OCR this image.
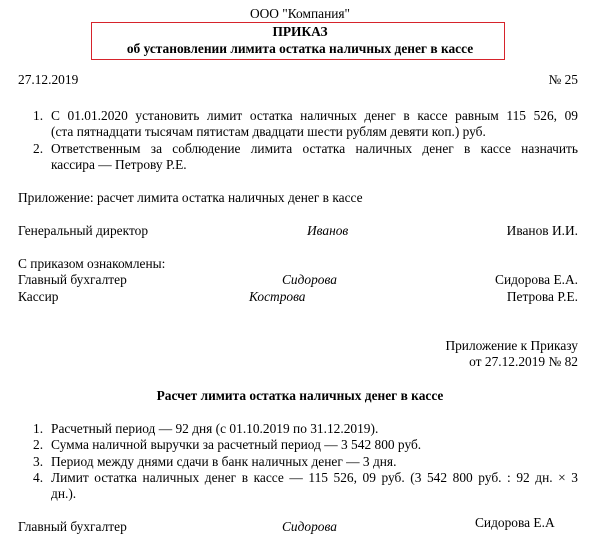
ООО "Компания"
ПРИКАЗ
об установлении лимита остатка наличных денег в кассе
27.12.2019	№ 25
1. С 01.01.2020 установить лимит остатка наличных денег в кассе равным 115 526, 09
(ста пятнадцати тысячам пятистам двадцати шести рублям девяти коп.) руб.
2. Ответственным за соблюдение лимита остатка наличных денег в кассе назначить
кассира — Петрову Р.Е.
Приложение: расчет лимита остатка наличных денег в кассе
Генеральный директор	Иванов	Иванов И.И.
С приказом ознакомлены:
Главный бухгалтер	Сидорова	Сидорова Е.А.
Кассир	Кострова	Петрова Р.Е.
Приложение к Приказу
от 27.12.2019 № 82
Расчет лимита остатка наличных денег в кассе
1. Расчетный период — 92 дня (с 01.10.2019 по 31.12.2019).
2. Сумма наличной выручки за расчетный период — 3 542 800 руб.
3. Период между днями сдачи в банк наличных денег — 3 дня.
4. Лимит остатка наличных денег в кассе — 115 526, 09 руб. (3 542 800 руб. : 92 дн. × 3
дн.).
Главный бухгалтер	Сидорова	Сидорова Е.А
